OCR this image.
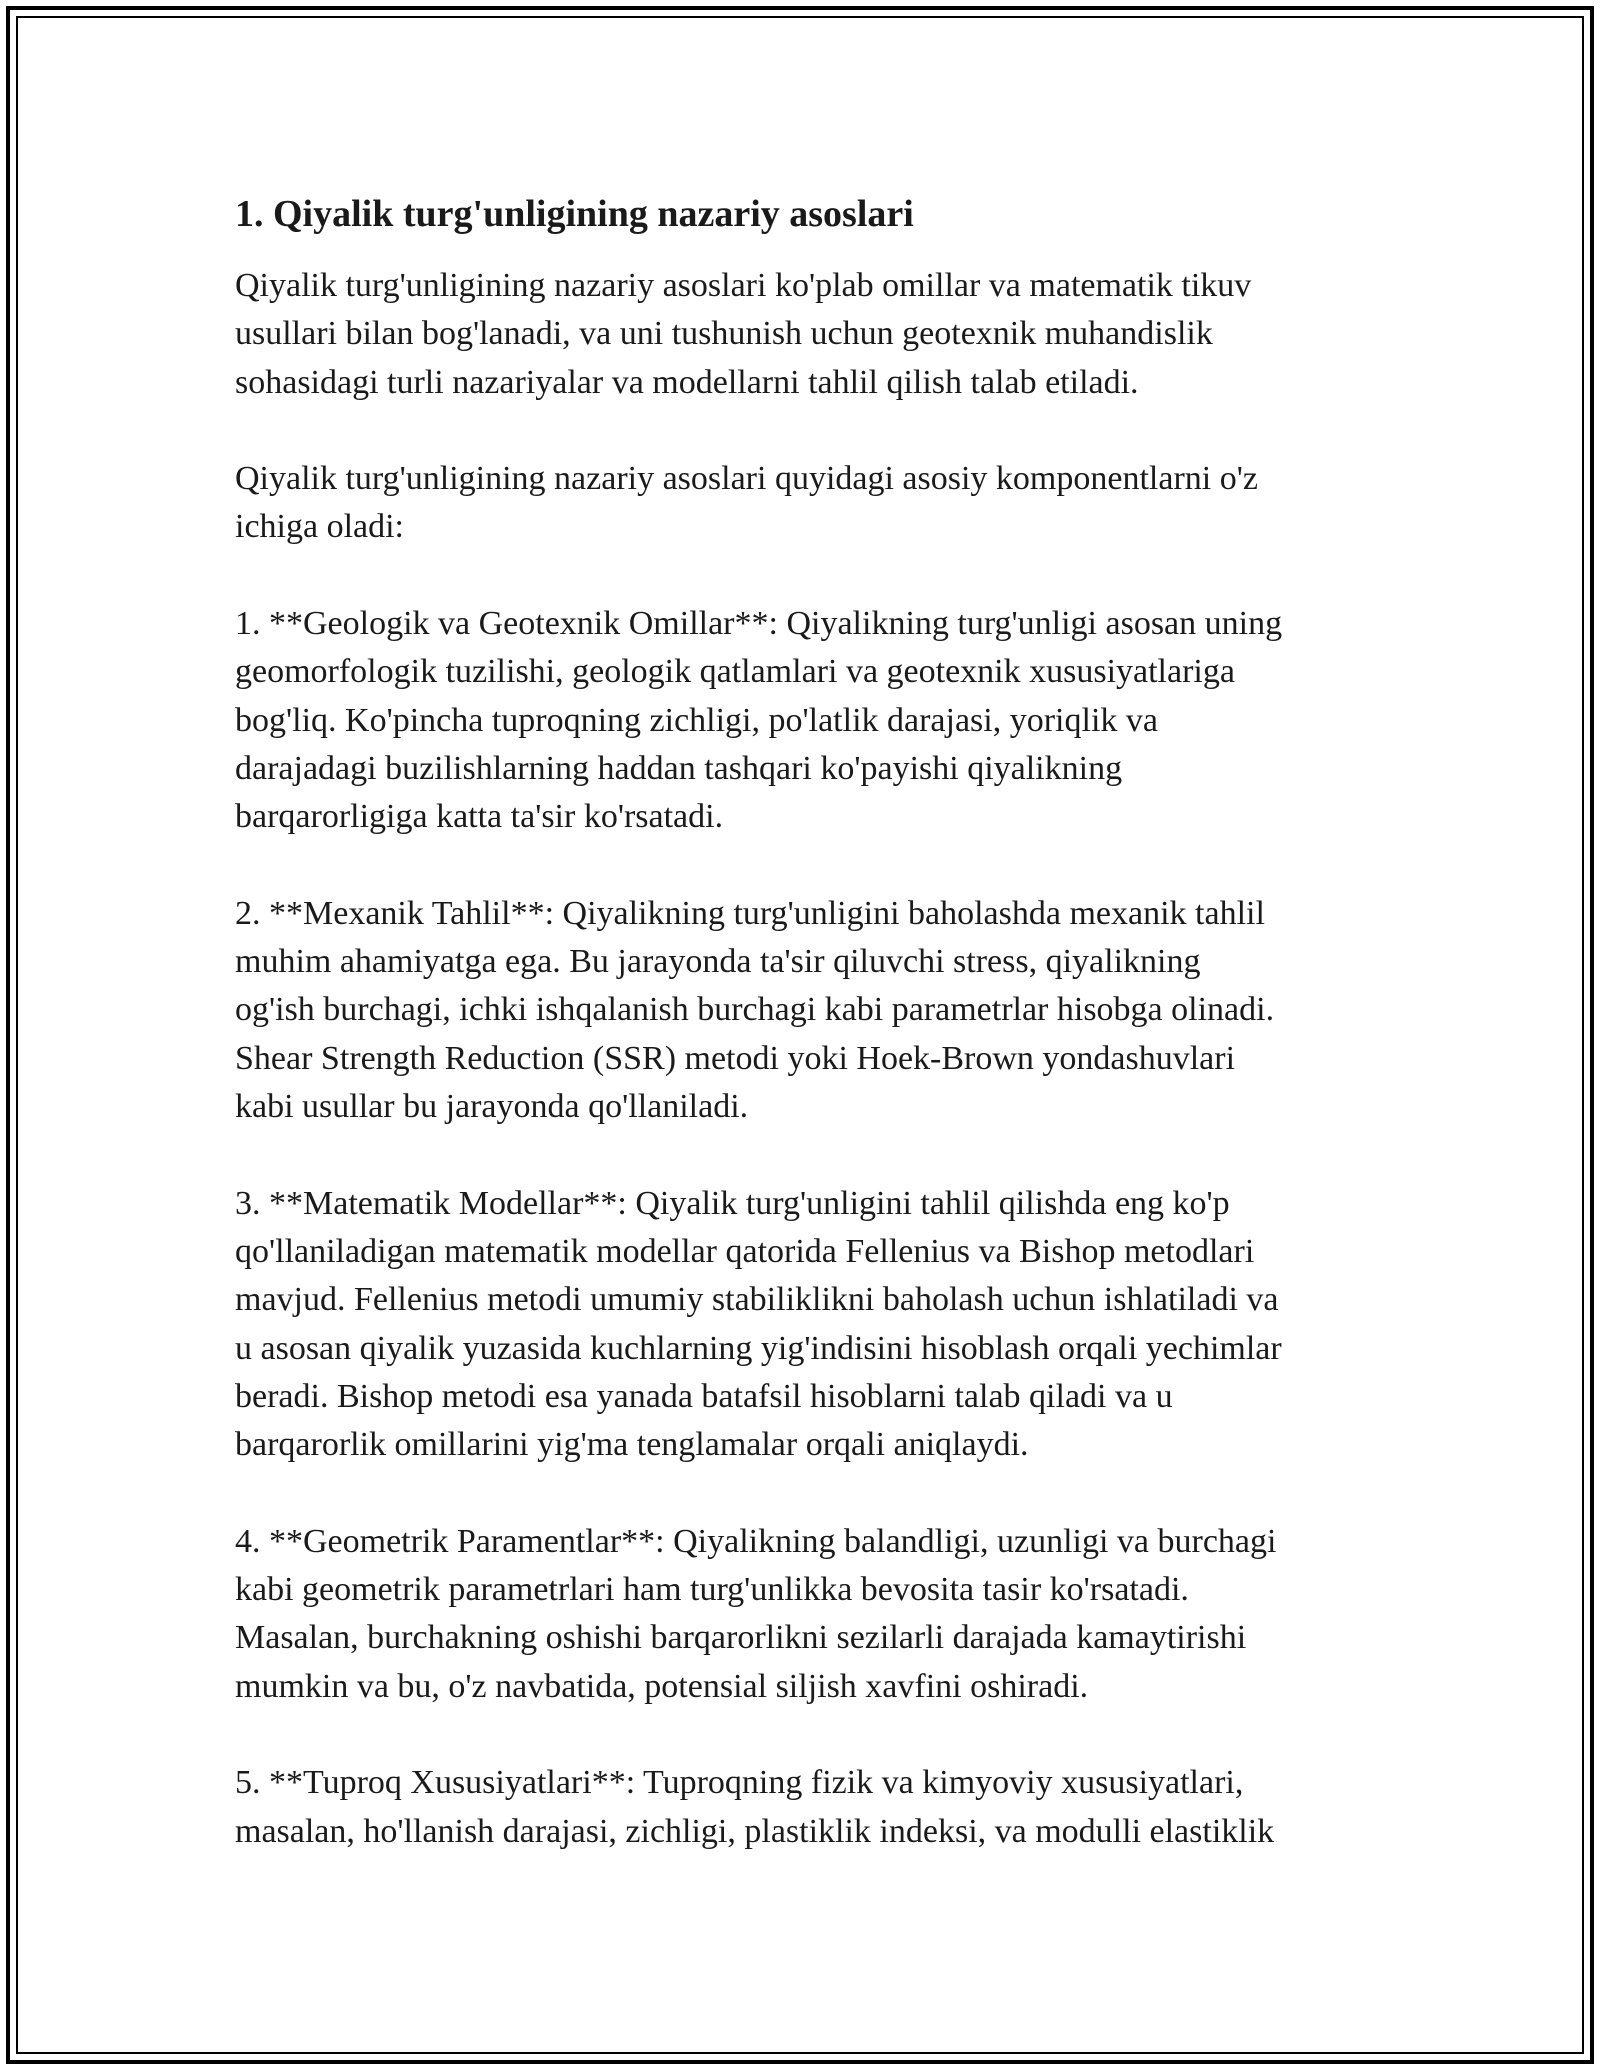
1. Qiyalik turg'unligining nazariy asoslari

Qiyalik turg'unligining nazariy asoslari ko'plab omillar va matematik tikuv
usullari bilan bog'lanadi, va uni tushunish uchun geotexnik muhandislik
sohasidagi turli nazariyalar va modellarni tahlil qilish talab etiladi.

Qiyalik turg'unligining nazariy asoslari quyidagi asosiy komponentlarni o'z
ichiga oladi:

1. **Geologik va Geotexnik Omillar**: Qiyalikning turg'unligi asosan uning
geomorfologik tuzilishi, geologik qatlamlari va geotexnik xususiyatlariga
bog'liq. Ko'pincha tuproqning zichligi, po'latlik darajasi, yoriqlik va
darajadagi buzilishlarning haddan tashqari ko'payishi qiyalikning
barqarorligiga katta ta'sir ko'rsatadi.

2. **Mexanik Tahlil**: Qiyalikning turg'unligini baholashda mexanik tahlil
muhim ahamiyatga ega. Bu jarayonda ta'sir qiluvchi stress, qiyalikning
og'ish burchagi, ichki ishqalanish burchagi kabi parametrlar hisobga olinadi.
Shear Strength Reduction (SSR) metodi yoki Hoek-Brown yondashuvlari
kabi usullar bu jarayonda qo'llaniladi.

3. **Matematik Modellar**: Qiyalik turg'unligini tahlil qilishda eng ko'p
qo'llaniladigan matematik modellar qatorida Fellenius va Bishop metodlari
mavjud. Fellenius metodi umumiy stabiliklikni baholash uchun ishlatiladi va
u asosan qiyalik yuzasida kuchlarning yig'indisini hisoblash orqali yechimlar
beradi. Bishop metodi esa yanada batafsil hisoblarni talab qiladi va u
barqarorlik omillarini yig'ma tenglamalar orqali aniqlaydi.

4. **Geometrik Paramentlar**: Qiyalikning balandligi, uzunligi va burchagi
kabi geometrik parametrlari ham turg'unlikka bevosita tasir ko'rsatadi.
Masalan, burchakning oshishi barqarorlikni sezilarli darajada kamaytirishi
mumkin va bu, o'z navbatida, potensial siljish xavfini oshiradi.

5. **Tuproq Xususiyatlari**: Tuproqning fizik va kimyoviy xususiyatlari,
masalan, ho'llanish darajasi, zichligi, plastiklik indeksi, va modulli elastiklik
